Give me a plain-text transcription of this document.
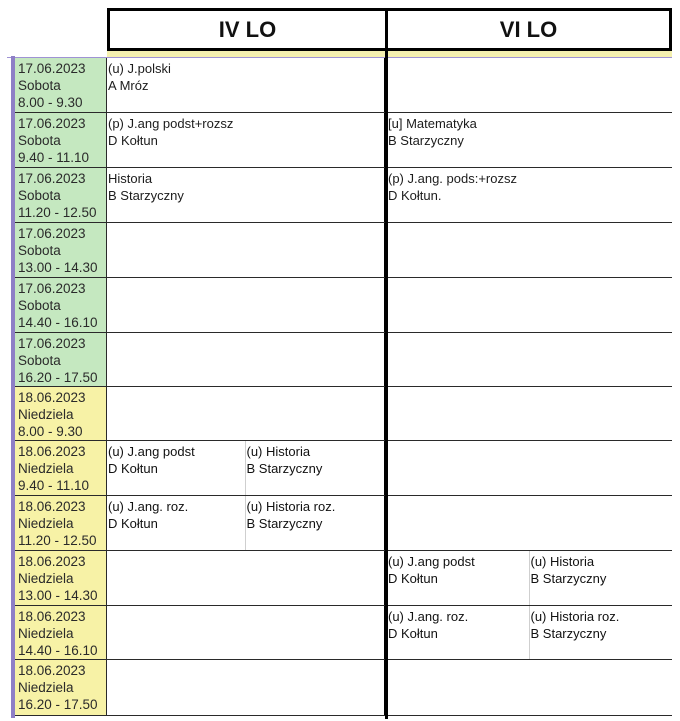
IV LO	VI LO
17.06.2023
Sobota
8.00 - 9.30
(u) J.polski
A Mróz
17.06.2023
Sobota
9.40 - 11.10
(p) J.ang podst+rozsz
D Kołtun
[u] Matematyka
B Starzyczny
17.06.2023
Sobota
11.20 - 12.50
Historia
B Starzyczny
(p) J.ang. pods:+rozsz
D Kołtun.
17.06.2023
Sobota
13.00 - 14.30
17.06.2023
Sobota
14.40 - 16.10
17.06.2023
Sobota
16.20 - 17.50
18.06.2023
Niedziela
8.00 - 9.30
18.06.2023
Niedziela
9.40 - 11.10
(u) J.ang podst
D Kołtun
(u) Historia
B Starzyczny
18.06.2023
Niedziela
11.20 - 12.50
(u) J.ang. roz.
D Kołtun
(u) Historia roz.
B Starzyczny
18.06.2023
Niedziela
13.00 - 14.30
(u) J.ang podst
D Kołtun
(u) Historia
B Starzyczny
18.06.2023
Niedziela
14.40 - 16.10
(u) J.ang. roz.
D Kołtun
(u) Historia roz.
B Starzyczny
18.06.2023
Niedziela
16.20 - 17.50
